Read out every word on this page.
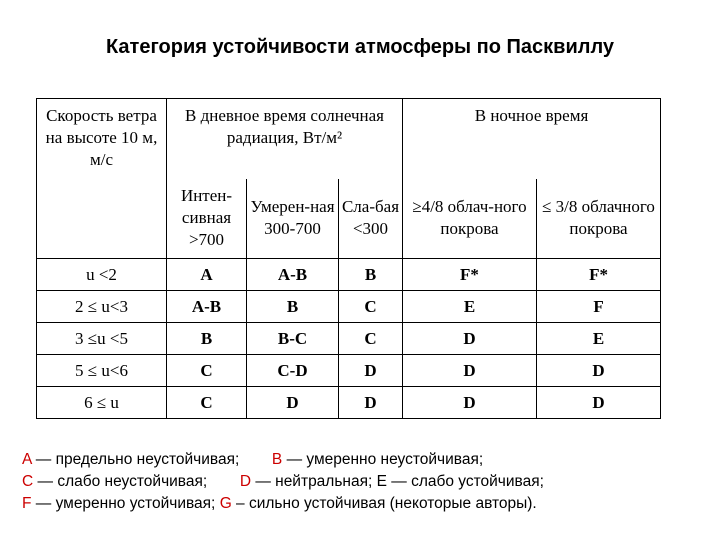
Категория устойчивости атмосферы по Пасквиллу
Скорость ветра на высоте 10 м, м/с	В дневное время солнечная радиация, Вт/м²			В ночное время	
	Интен-сивная >700	Умерен-ная 300-700	Сла-бая <300	≥4/8 облач-ного покрова	≤ 3/8 облачного покрова
u <2	A	A-B	B	F*	F*
2 ≤ u<3	A-B	B	C	E	F
3 ≤u <5	B	B-C	C	D	E
5 ≤ u<6	C	C-D	D	D	D
6 ≤ u	C	D	D	D	D
A — предельно неустойчивая; B — умеренно неустойчивая;
C — слабо неустойчивая; D — нейтральная; E — слабо устойчивая;
F — умеренно устойчивая; G – сильно устойчивая (некоторые авторы).
